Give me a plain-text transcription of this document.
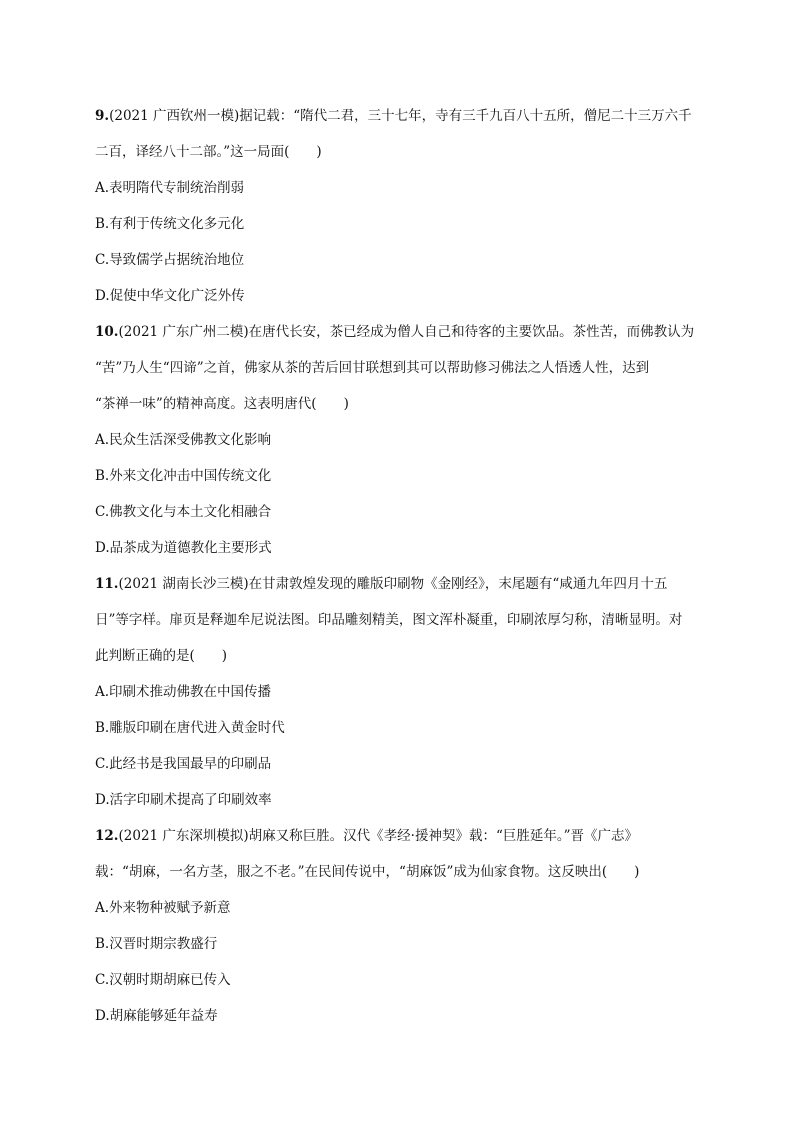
9.(2021 广西钦州一模)据记载：“隋代二君，三十七年，寺有三千九百八十五所，僧尼二十三万六千
二百，译经八十二部。”这一局面(　　)
A.表明隋代专制统治削弱
B.有利于传统文化多元化
C.导致儒学占据统治地位
D.促使中华文化广泛外传
10.(2021 广东广州二模)在唐代长安，茶已经成为僧人自己和待客的主要饮品。茶性苦，而佛教认为
“苦”乃人生“四谛”之首，佛家从茶的苦后回甘联想到其可以帮助修习佛法之人悟透人性，达到
“茶禅一味”的精神高度。这表明唐代(　　)
A.民众生活深受佛教文化影响
B.外来文化冲击中国传统文化
C.佛教文化与本土文化相融合
D.品茶成为道德教化主要形式
11.(2021 湖南长沙三模)在甘肃敦煌发现的雕版印刷物《金刚经》，末尾题有“咸通九年四月十五
日”等字样。扉页是释迦牟尼说法图。印品雕刻精美，图文浑朴凝重，印刷浓厚匀称，清晰显明。对
此判断正确的是(　　)
A.印刷术推动佛教在中国传播
B.雕版印刷在唐代进入黄金时代
C.此经书是我国最早的印刷品
D.活字印刷术提高了印刷效率
12.(2021 广东深圳模拟)胡麻又称巨胜。汉代《孝经·援神契》载：“巨胜延年。”晋《广志》
载：“胡麻，一名方茎，服之不老。”在民间传说中，“胡麻饭”成为仙家食物。这反映出(　　)
A.外来物种被赋予新意
B.汉晋时期宗教盛行
C.汉朝时期胡麻已传入
D.胡麻能够延年益寿
